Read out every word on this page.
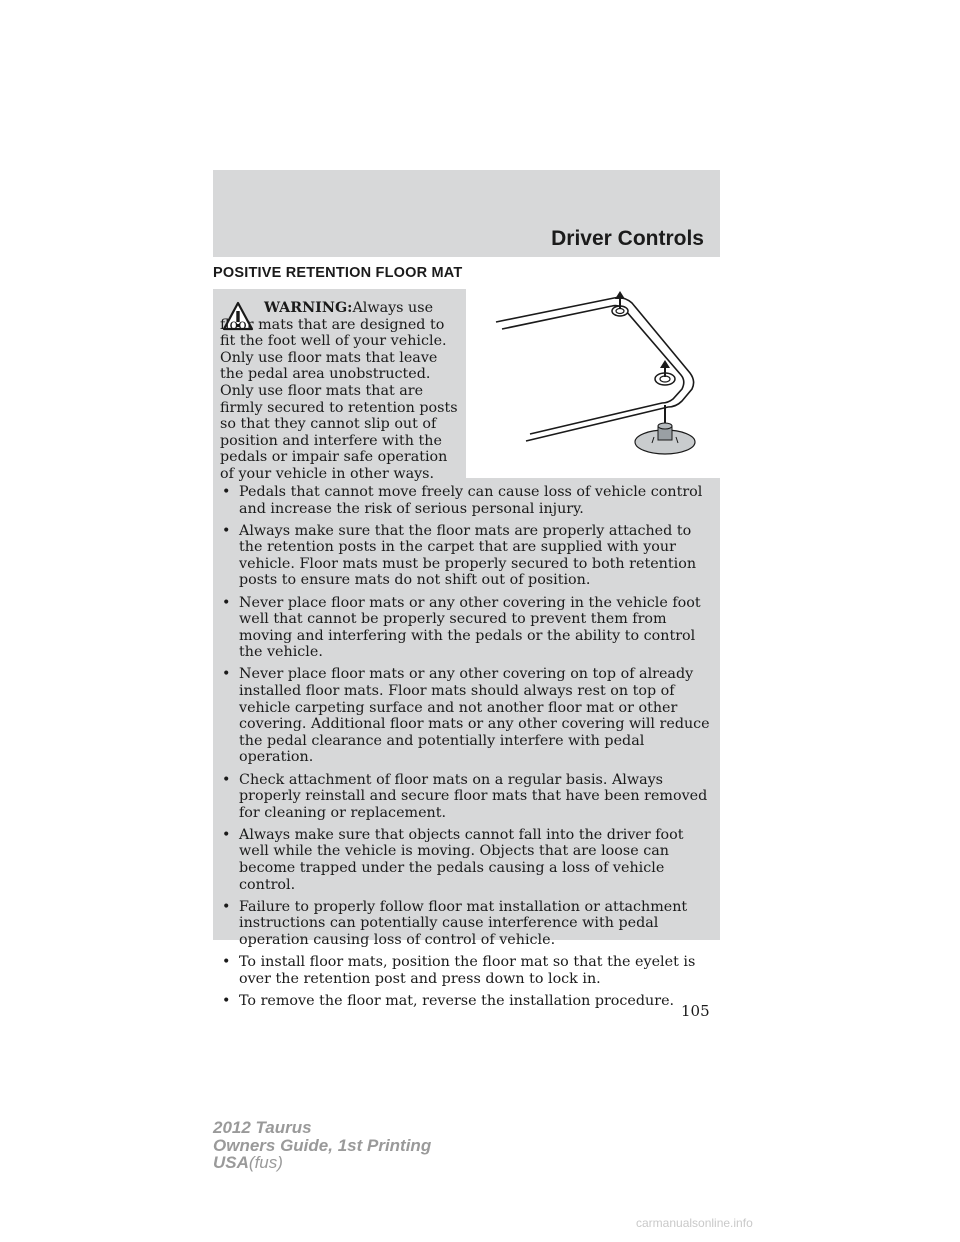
Driver Controls
POSITIVE RETENTION FLOOR MAT

WARNING:Always use floor mats that are designed to fit the foot well of your vehicle. Only use floor mats that leave the pedal area unobstructed. Only use floor mats that are firmly secured to retention posts so that they cannot slip out of position and interfere with the pedals or impair safe operation of your vehicle in other ways.

• Pedals that cannot move freely can cause loss of vehicle control and increase the risk of serious personal injury.
• Always make sure that the floor mats are properly attached to the retention posts in the carpet that are supplied with your vehicle. Floor mats must be properly secured to both retention posts to ensure mats do not shift out of position.
• Never place floor mats or any other covering in the vehicle foot well that cannot be properly secured to prevent them from moving and interfering with the pedals or the ability to control the vehicle.
• Never place floor mats or any other covering on top of already installed floor mats. Floor mats should always rest on top of vehicle carpeting surface and not another floor mat or other covering. Additional floor mats or any other covering will reduce the pedal clearance and potentially interfere with pedal operation.
• Check attachment of floor mats on a regular basis. Always properly reinstall and secure floor mats that have been removed for cleaning or replacement.
• Always make sure that objects cannot fall into the driver foot well while the vehicle is moving. Objects that are loose can become trapped under the pedals causing a loss of vehicle control.
• Failure to properly follow floor mat installation or attachment instructions can potentially cause interference with pedal operation causing loss of control of vehicle.
• To install floor mats, position the floor mat so that the eyelet is over the retention post and press down to lock in.
• To remove the floor mat, reverse the installation procedure.
105
2012 Taurus
Owners Guide, 1st Printing
USA(fus)
carmanualsonline.info
